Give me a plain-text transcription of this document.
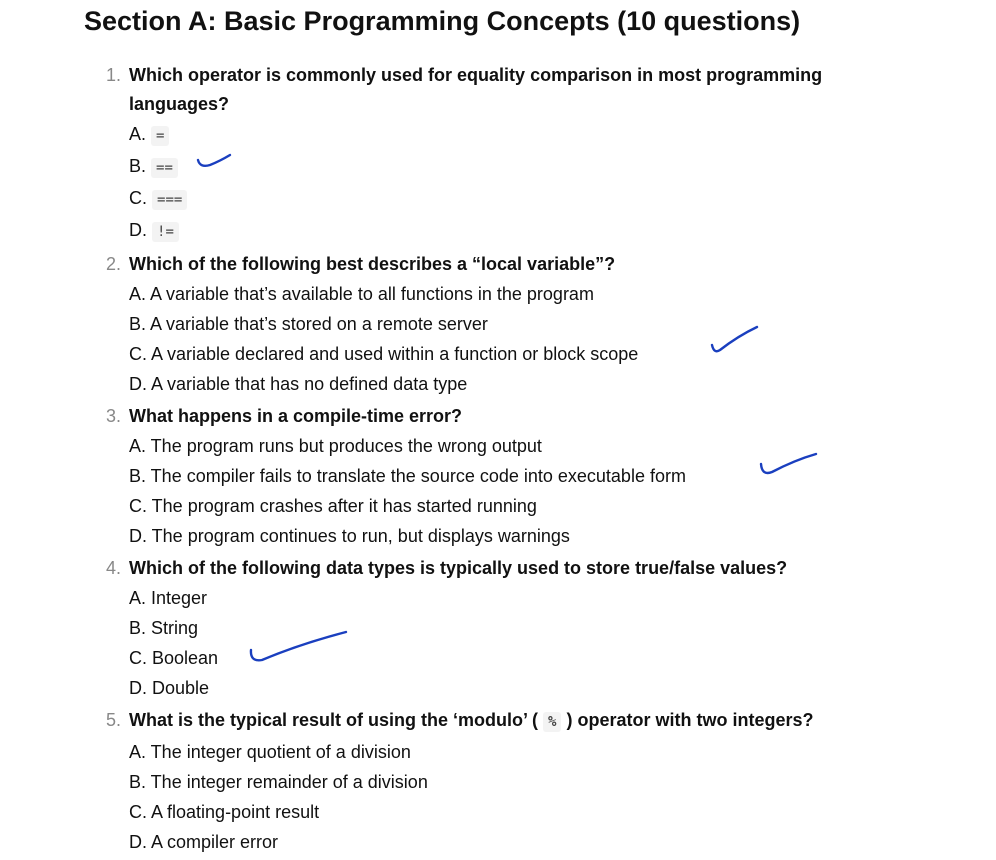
Section A: Basic Programming Concepts (10 questions)
1. Which operator is commonly used for equality comparison in most programming languages?
A. =
B. ==
C. ===
D. !=
2. Which of the following best describes a “local variable”?
A. A variable that’s available to all functions in the program
B. A variable that’s stored on a remote server
C. A variable declared and used within a function or block scope
D. A variable that has no defined data type
3. What happens in a compile-time error?
A. The program runs but produces the wrong output
B. The compiler fails to translate the source code into executable form
C. The program crashes after it has started running
D. The program continues to run, but displays warnings
4. Which of the following data types is typically used to store true/false values?
A. Integer
B. String
C. Boolean
D. Double
5. What is the typical result of using the ‘modulo’ ( % ) operator with two integers?
A. The integer quotient of a division
B. The integer remainder of a division
C. A floating-point result
D. A compiler error
